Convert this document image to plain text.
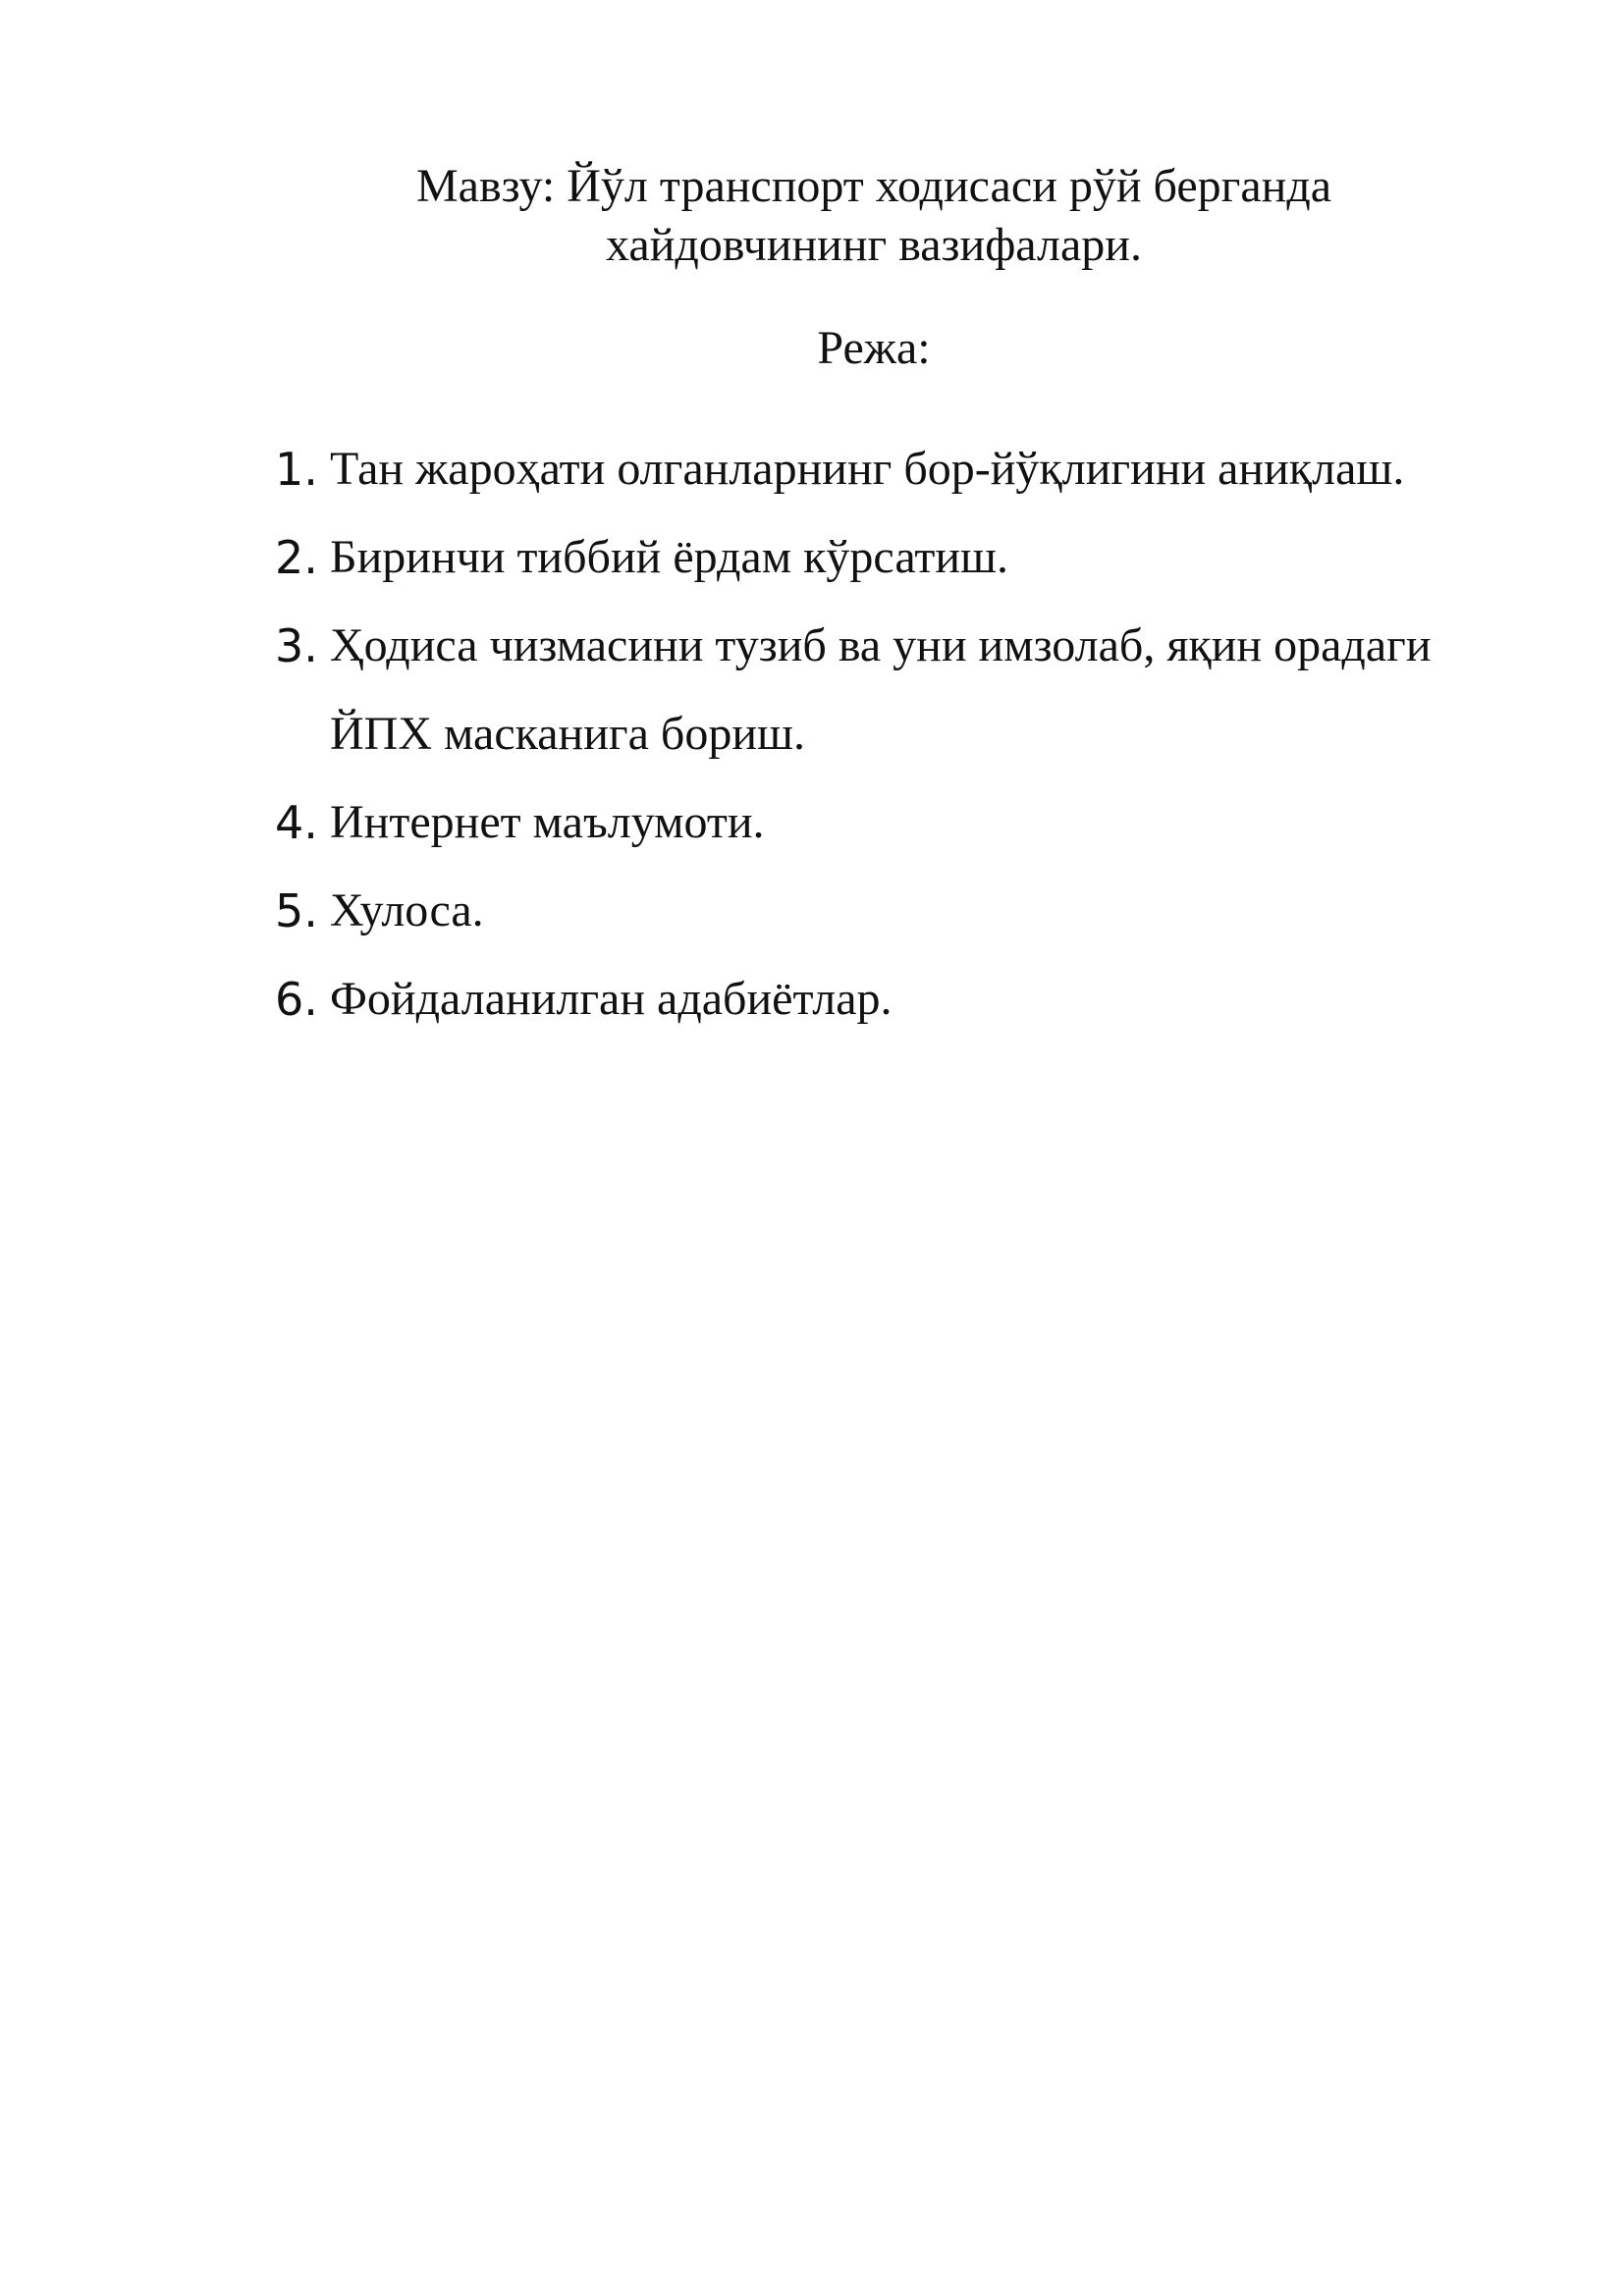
Мавзу: Йўл транспорт ходисаси рўй берганда
хайдовчининг вазифалари.
Режа:
1. Тан жароҳати олганларнинг бор-йўқлигини аниқлаш.
2. Биринчи тиббий ёрдам кўрсатиш.
3. Ҳодиса чизмасини тузиб ва уни имзолаб, яқин орадаги
ЙПХ масканига бориш.
4. Интернет маълумоти.
5. Хулоса.
6. Фойдаланилган адабиётлар.
